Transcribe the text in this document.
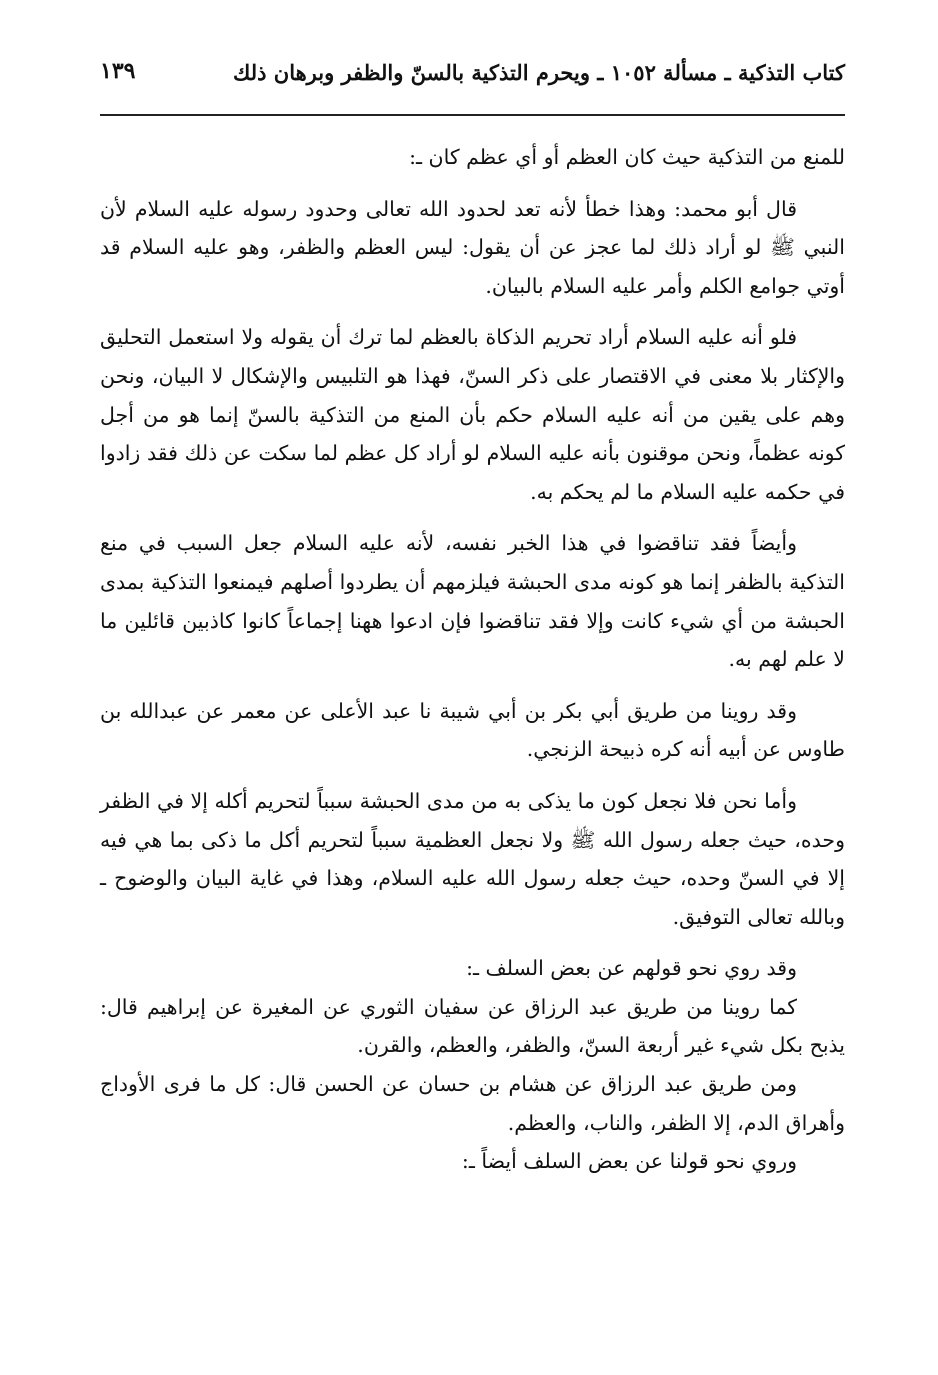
كتاب التذكية ـ مسألة ١٠٥٢ ـ ويحرم التذكية بالسنّ والظفر وبرهان ذلك
١٣٩

للمنع من التذكية حيث كان العظم أو أي عظم كان ـ:

قال أبو محمد: وهذا خطأ لأنه تعد لحدود الله تعالى وحدود رسوله عليه السلام لأن النبي ﷺ لو أراد ذلك لما عجز عن أن يقول: ليس العظم والظفر، وهو عليه السلام قد أوتي جوامع الكلم وأمر عليه السلام بالبيان.

فلو أنه عليه السلام أراد تحريم الذكاة بالعظم لما ترك أن يقوله ولا استعمل التحليق والإكثار بلا معنى في الاقتصار على ذكر السنّ، فهذا هو التلبيس والإشكال لا البيان، ونحن وهم على يقين من أنه عليه السلام حكم بأن المنع من التذكية بالسنّ إنما هو من أجل كونه عظماً، ونحن موقنون بأنه عليه السلام لو أراد كل عظم لما سكت عن ذلك فقد زادوا في حكمه عليه السلام ما لم يحكم به.

وأيضاً فقد تناقضوا في هذا الخبر نفسه، لأنه عليه السلام جعل السبب في منع التذكية بالظفر إنما هو كونه مدى الحبشة فيلزمهم أن يطردوا أصلهم فيمنعوا التذكية بمدى الحبشة من أي شيء كانت وإلا فقد تناقضوا فإن ادعوا ههنا إجماعاً كانوا كاذبين قائلين ما لا علم لهم به.

وقد روينا من طريق أبي بكر بن أبي شيبة نا عبد الأعلى عن معمر عن عبدالله بن طاوس عن أبيه أنه كره ذبيحة الزنجي.

وأما نحن فلا نجعل كون ما يذكى به من مدى الحبشة سبباً لتحريم أكله إلا في الظفر وحده، حيث جعله رسول الله ﷺ ولا نجعل العظمية سبباً لتحريم أكل ما ذكى بما هي فيه إلا في السنّ وحده، حيث جعله رسول الله عليه السلام، وهذا في غاية البيان والوضوح ـ وبالله تعالى التوفيق.

وقد روي نحو قولهم عن بعض السلف ـ:

كما روينا من طريق عبد الرزاق عن سفيان الثوري عن المغيرة عن إبراهيم قال: يذبح بكل شيء غير أربعة السنّ، والظفر، والعظم، والقرن.

ومن طريق عبد الرزاق عن هشام بن حسان عن الحسن قال: كل ما فرى الأوداج وأهراق الدم، إلا الظفر، والناب، والعظم.

وروي نحو قولنا عن بعض السلف أيضاً ـ:
